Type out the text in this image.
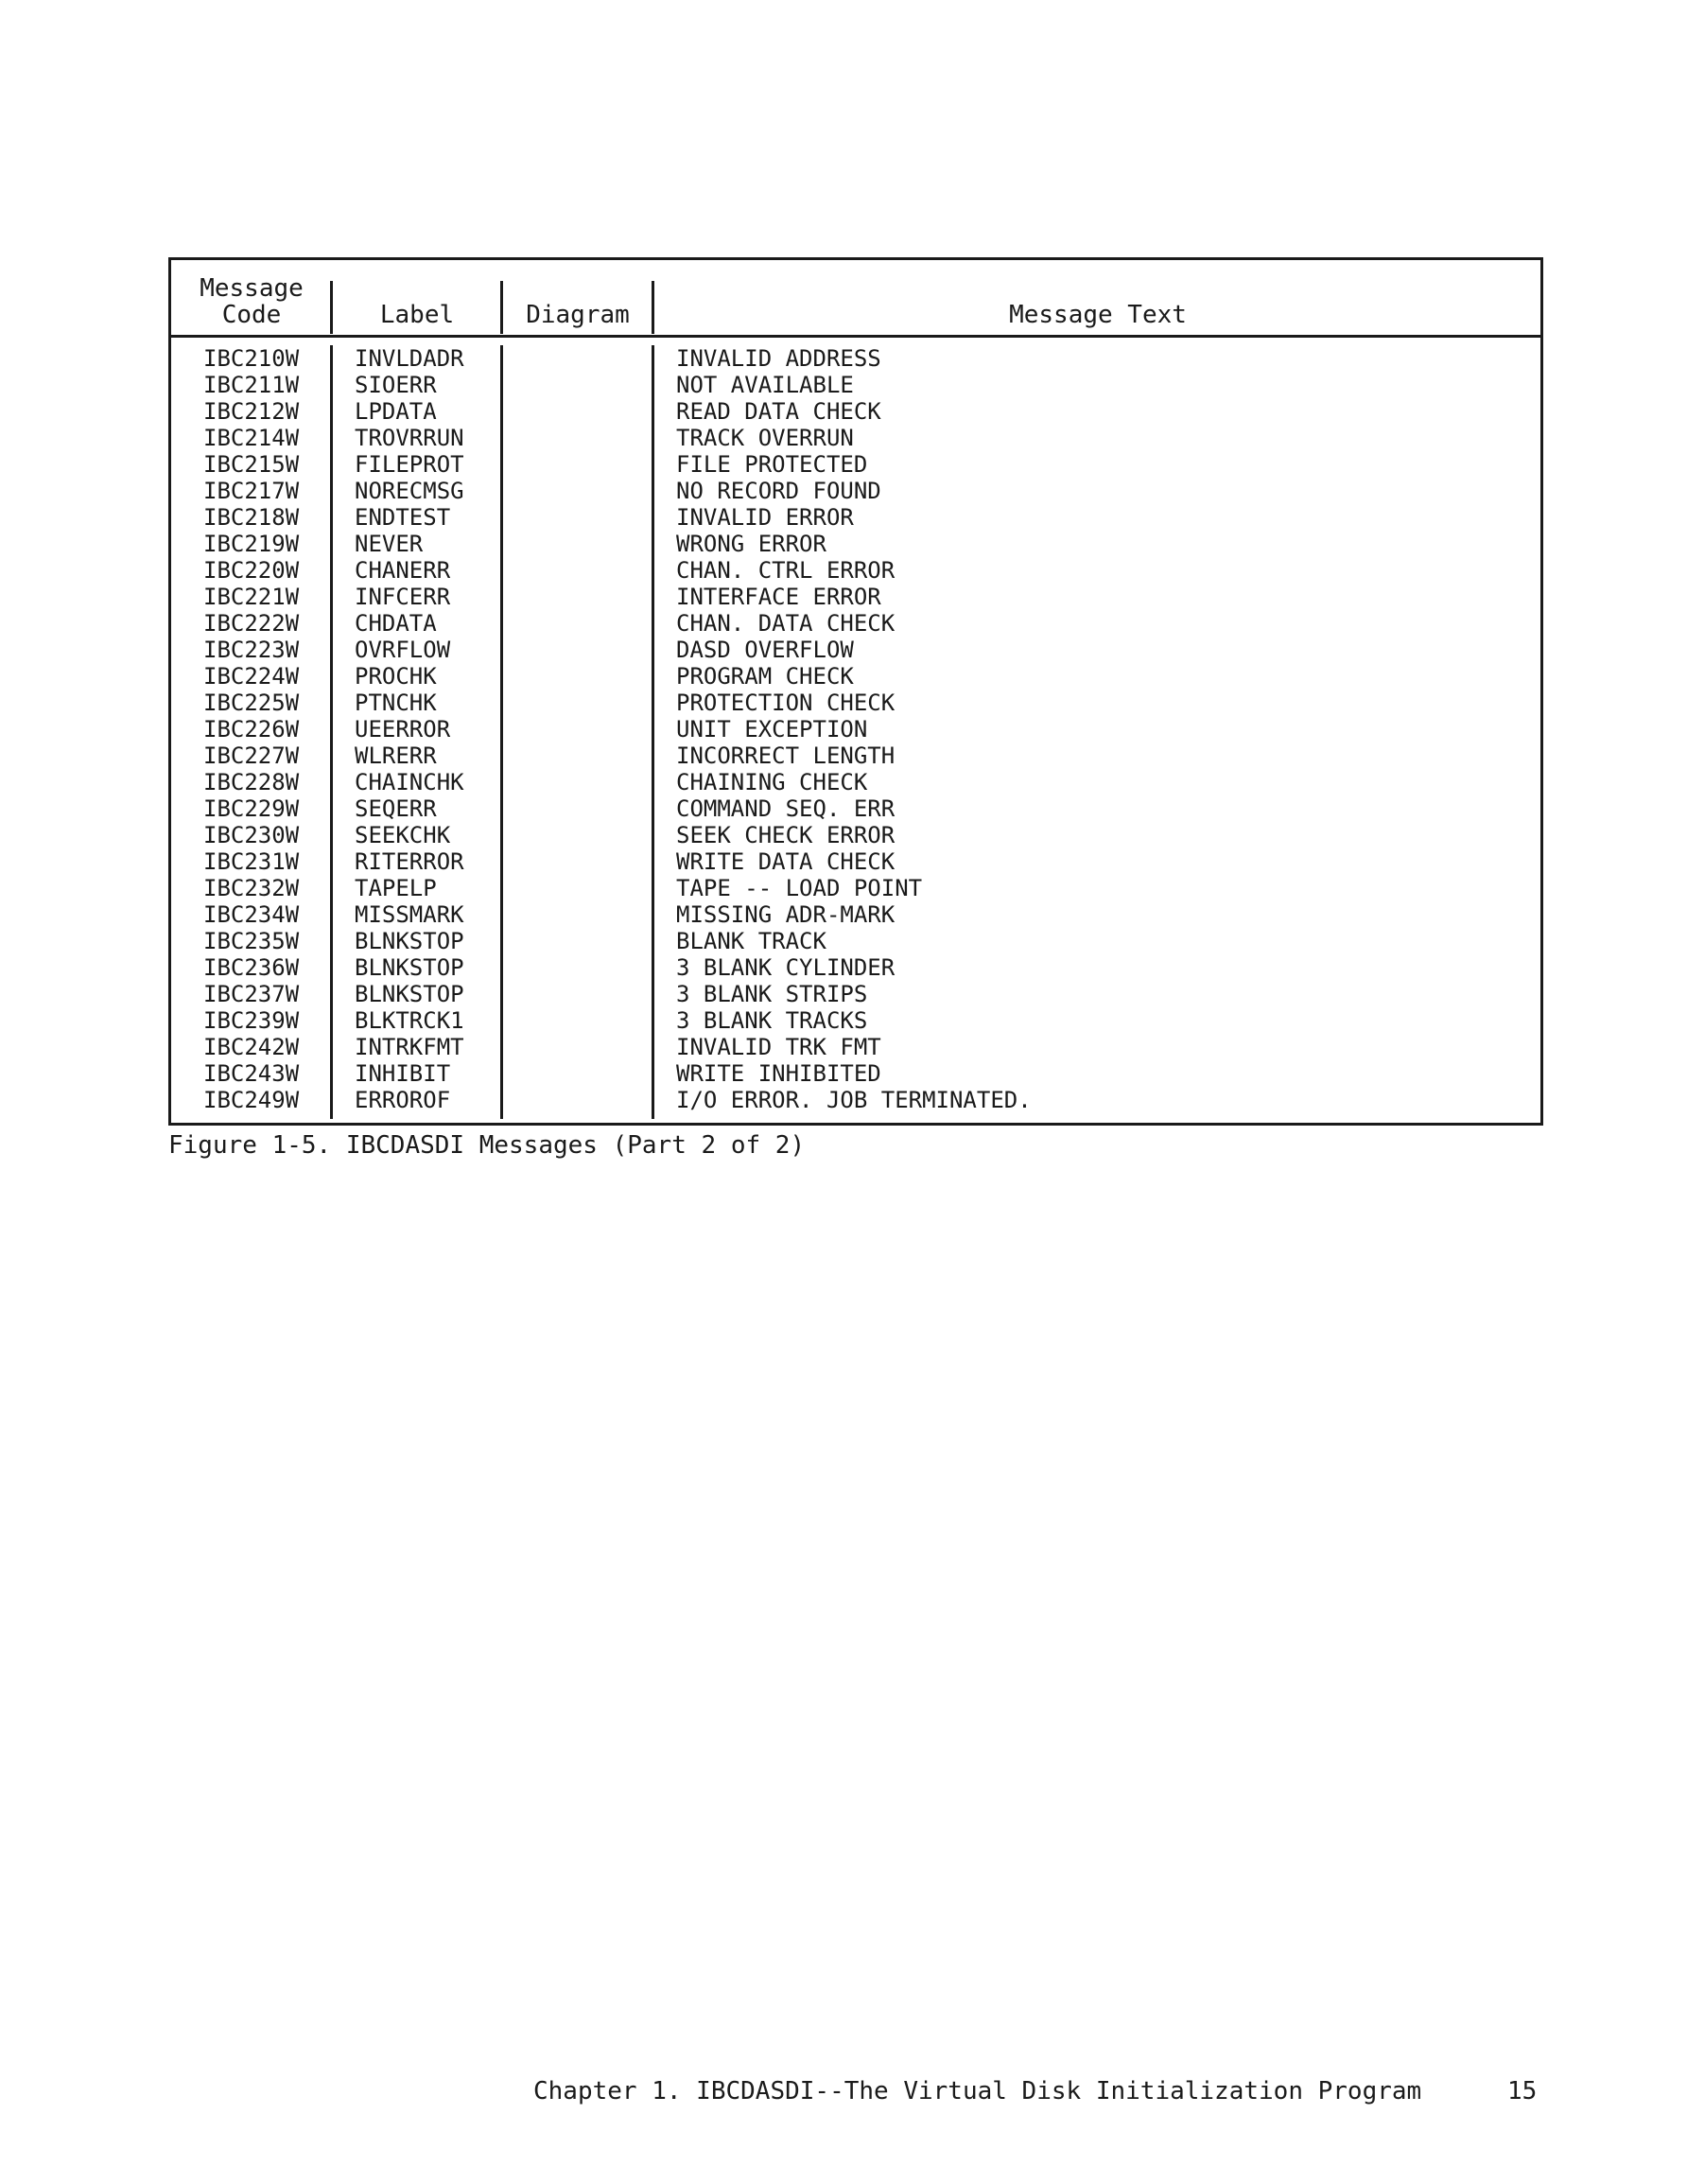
Message
Code	Label	Diagram	Message Text
IBC210W INVLDADR	INVALID ADDRESS
IBC211W SIOERR	NOT AVAILABLE
IBC212W LPDATA	READ DATA CHECK
IBC214W TROVRRUN	TRACK OVERRUN
IBC215W FILEPROT	FILE PROTECTED
IBC217W NORECMSG	NO RECORD FOUND
IBC218W ENDTEST	INVALID ERROR
IBC219W NEVER	WRONG ERROR
IBC220W CHANERR	CHAN. CTRL ERROR
IBC221W INFCERR	INTERFACE ERROR
IBC222W CHDATA	CHAN. DATA CHECK
IBC223W OVRFLOW	DASD OVERFLOW
IBC224W PROCHK	PROGRAM CHECK
IBC225W PTNCHK	PROTECTION CHECK
IBC226W UEERROR	UNIT EXCEPTION
IBC227W WLRERR	INCORRECT LENGTH
IBC228W CHAINCHK	CHAINING CHECK
IBC229W SEQERR	COMMAND SEQ. ERR
IBC230W SEEKCHK	SEEK CHECK ERROR
IBC231W RITERROR	WRITE DATA CHECK
IBC232W TAPELP	TAPE -- LOAD POINT
IBC234W MISSMARK	MISSING ADR-MARK
IBC235W BLNKSTOP	BLANK TRACK
IBC236W BLNKSTOP	3 BLANK CYLINDER
IBC237W BLNKSTOP	3 BLANK STRIPS
IBC239W BLKTRCK1	3 BLANK TRACKS
IBC242W INTRKFMT	INVALID TRK FMT
IBC243W INHIBIT	WRITE INHIBITED
IBC249W ERROROF	I/O ERROR. JOB TERMINATED.
Figure 1-5. IBCDASDI Messages (Part 2 of 2)
Chapter 1. IBCDASDI--The Virtual Disk Initialization Program	15
